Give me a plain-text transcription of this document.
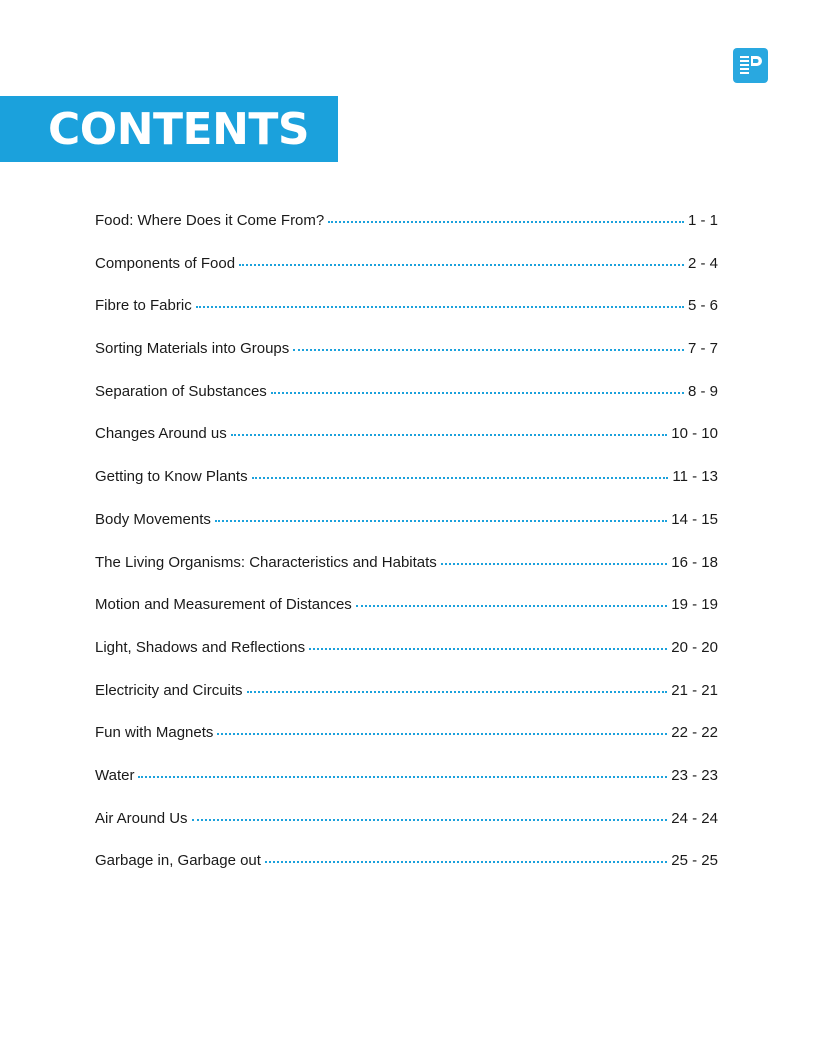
CONTENTS
Food: Where Does it Come From?	1 - 1
Components of Food	2 - 4
Fibre to Fabric	5 - 6
Sorting Materials into Groups	7 - 7
Separation of Substances	8 - 9
Changes Around us	10 - 10
Getting to Know Plants	11 - 13
Body Movements	14 - 15
The Living Organisms: Characteristics and Habitats	16 - 18
Motion and Measurement of Distances	19 - 19
Light, Shadows and Reflections	20 - 20
Electricity and Circuits	21 - 21
Fun with Magnets	22 - 22
Water	23 - 23
Air Around Us	24 - 24
Garbage in, Garbage out	25 - 25
